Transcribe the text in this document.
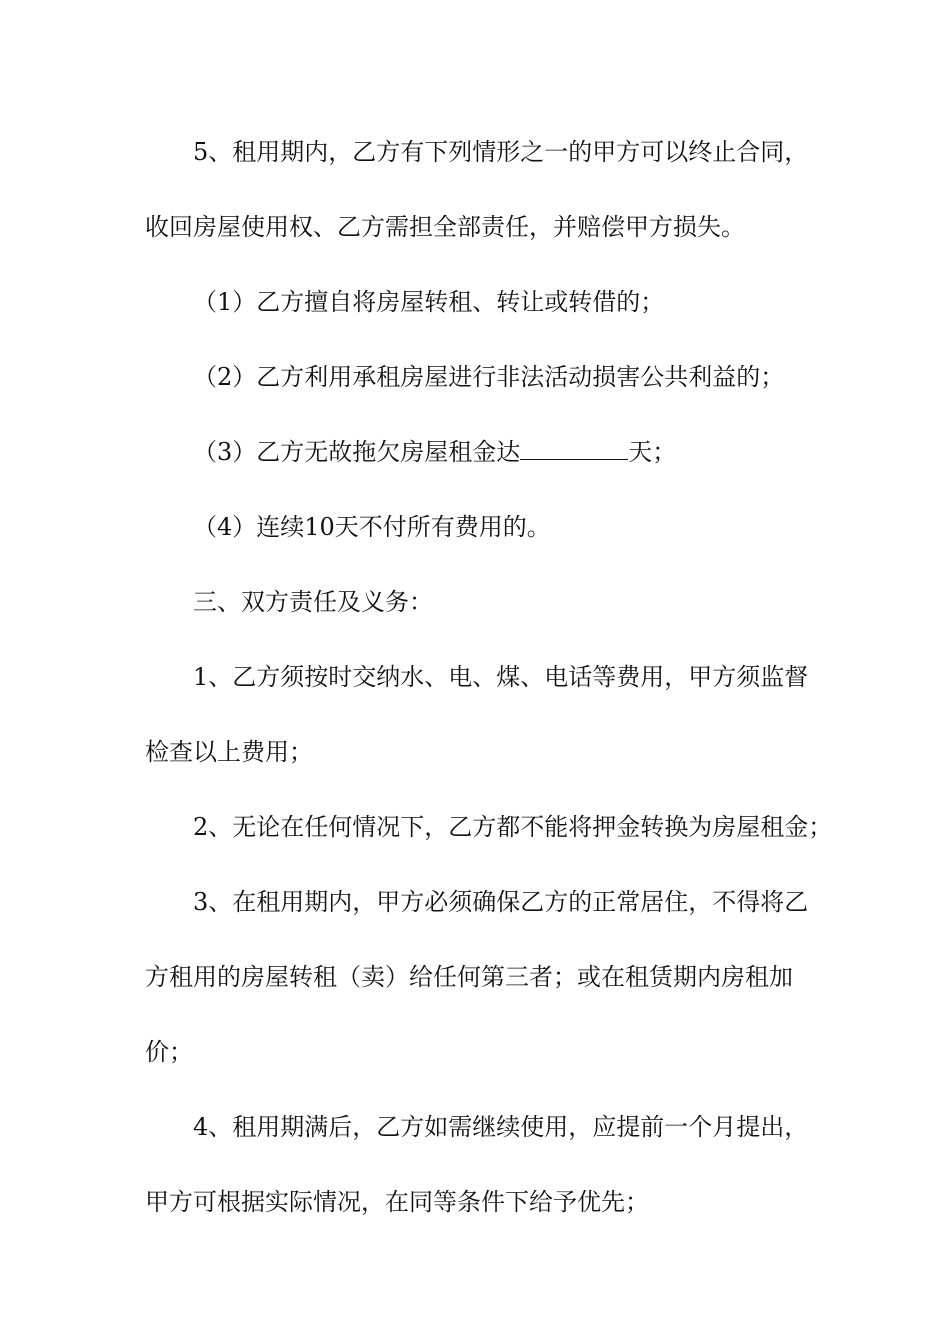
5、租用期内，乙方有下列情形之一的甲方可以终止合同，
收回房屋使用权、乙方需担全部责任，并赔偿甲方损失。
（1）乙方擅自将房屋转租、转让或转借的；
（2）乙方利用承租房屋进行非法活动损害公共利益的；
（3）乙方无故拖欠房屋租金达	天；
（4）连续10天不付所有费用的。
三、双方责任及义务：
1、乙方须按时交纳水、电、煤、电话等费用，甲方须监督
检查以上费用；
2、无论在任何情况下，乙方都不能将押金转换为房屋租金；
3、在租用期内，甲方必须确保乙方的正常居住，不得将乙
方租用的房屋转租（卖）给任何第三者；或在租赁期内房租加
价；
4、租用期满后，乙方如需继续使用，应提前一个月提出，
甲方可根据实际情况，在同等条件下给予优先；
